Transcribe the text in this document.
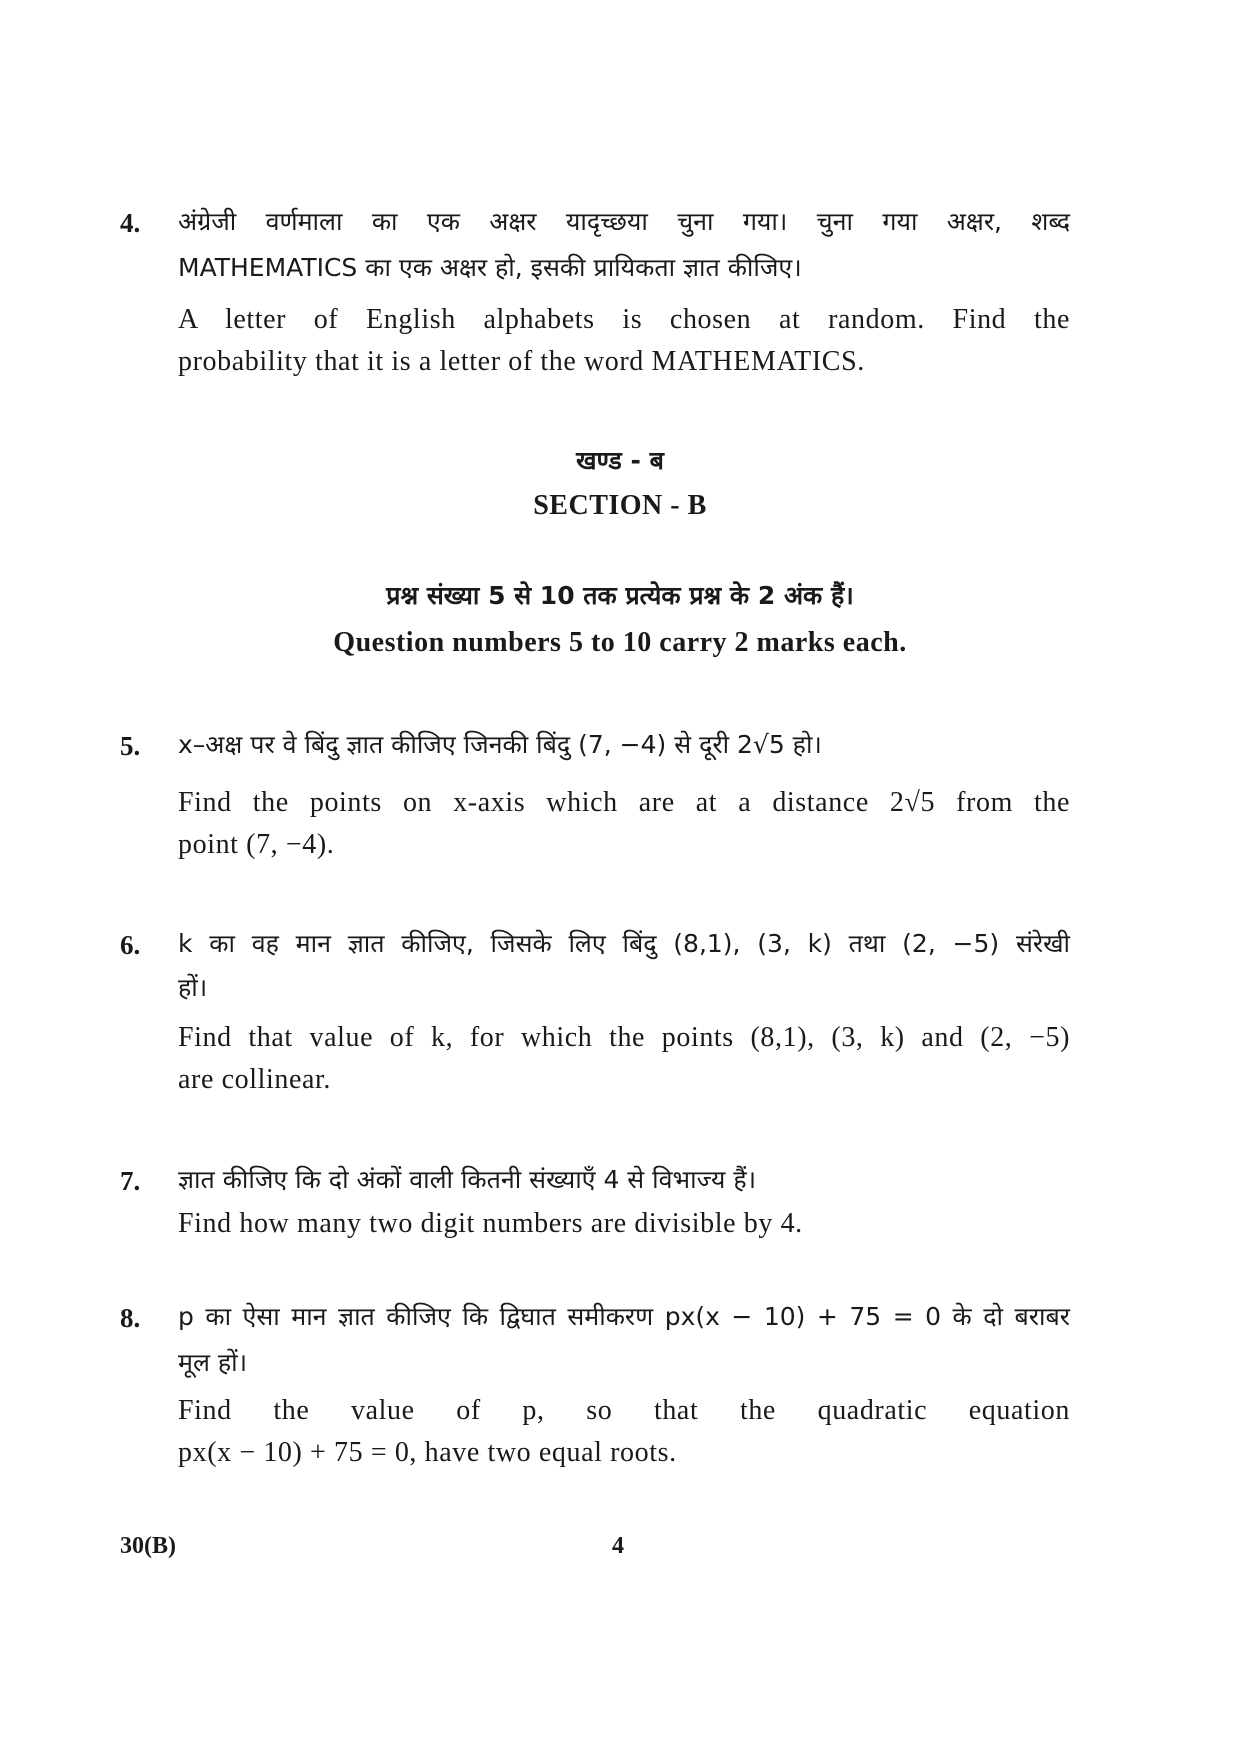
4. अंग्रेजी वर्णमाला का एक अक्षर यादृच्छया चुना गया। चुना गया अक्षर, शब्द
MATHEMATICS का एक अक्षर हो, इसकी प्रायिकता ज्ञात कीजिए।
A letter of English alphabets is chosen at random. Find the
probability that it is a letter of the word MATHEMATICS.
खण्ड - ब
SECTION - B
प्रश्न संख्या 5 से 10 तक प्रत्येक प्रश्न के 2 अंक हैं।
Question numbers 5 to 10 carry 2 marks each.
5. x–अक्ष पर वे बिंदु ज्ञात कीजिए जिनकी बिंदु (7, −4) से दूरी 2√5 हो।
Find the points on x-axis which are at a distance 2√5 from the
point (7, −4).
6. k का वह मान ज्ञात कीजिए, जिसके लिए बिंदु (8,1), (3, k) तथा (2, −5) संरेखी
हों।
Find that value of k, for which the points (8,1), (3, k) and (2, −5)
are collinear.
7. ज्ञात कीजिए कि दो अंकों वाली कितनी संख्याएँ 4 से विभाज्य हैं।
Find how many two digit numbers are divisible by 4.
8. p का ऐसा मान ज्ञात कीजिए कि द्विघात समीकरण px(x − 10) + 75 = 0 के दो बराबर
मूल हों।
Find the value of p, so that the quadratic equation
px(x − 10) + 75 = 0, have two equal roots.
30(B)	4
